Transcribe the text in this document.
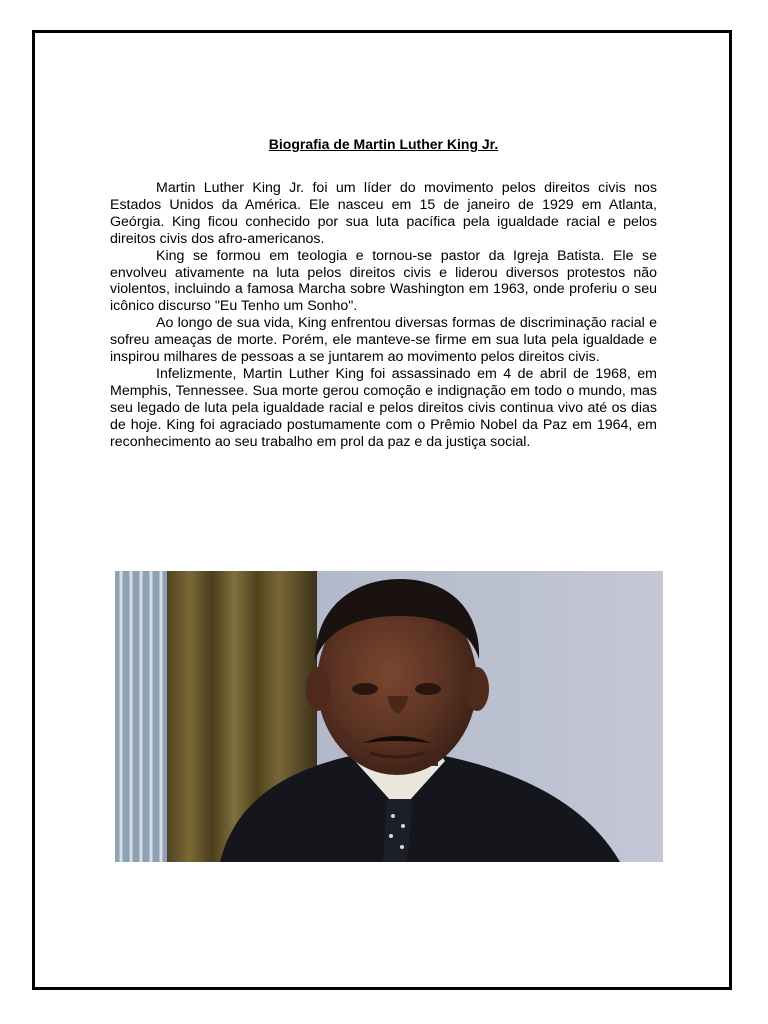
Biografia de Martin Luther King Jr.

Martin Luther King Jr. foi um líder do movimento pelos direitos civis nos Estados Unidos da América. Ele nasceu em 15 de janeiro de 1929 em Atlanta, Geórgia. King ficou conhecido por sua luta pacífica pela igualdade racial e pelos direitos civis dos afro-americanos.

King se formou em teologia e tornou-se pastor da Igreja Batista. Ele se envolveu ativamente na luta pelos direitos civis e liderou diversos protestos não violentos, incluindo a famosa Marcha sobre Washington em 1963, onde proferiu o seu icônico discurso "Eu Tenho um Sonho".

Ao longo de sua vida, King enfrentou diversas formas de discriminação racial e sofreu ameaças de morte. Porém, ele manteve-se firme em sua luta pela igualdade e inspirou milhares de pessoas a se juntarem ao movimento pelos direitos civis.

Infelizmente, Martin Luther King foi assassinado em 4 de abril de 1968, em Memphis, Tennessee. Sua morte gerou comoção e indignação em todo o mundo, mas seu legado de luta pela igualdade racial e pelos direitos civis continua vivo até os dias de hoje. King foi agraciado postumamente com o Prêmio Nobel da Paz em 1964, em reconhecimento ao seu trabalho em prol da paz e da justiça social.
